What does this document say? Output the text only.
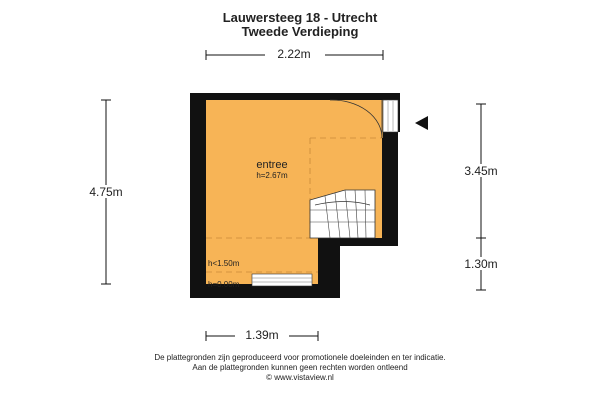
Lauwersteeg 18 - Utrecht
Tweede Verdieping
entree
h=2.67m
h<1.50m
h=0.00m
2.22m
4.75m
3.45m
1.30m
1.39m
De plattegronden zijn geproduceerd voor promotionele doeleinden en ter indicatie.
Aan de plattegronden kunnen geen rechten worden ontleend
© www.vistaview.nl
